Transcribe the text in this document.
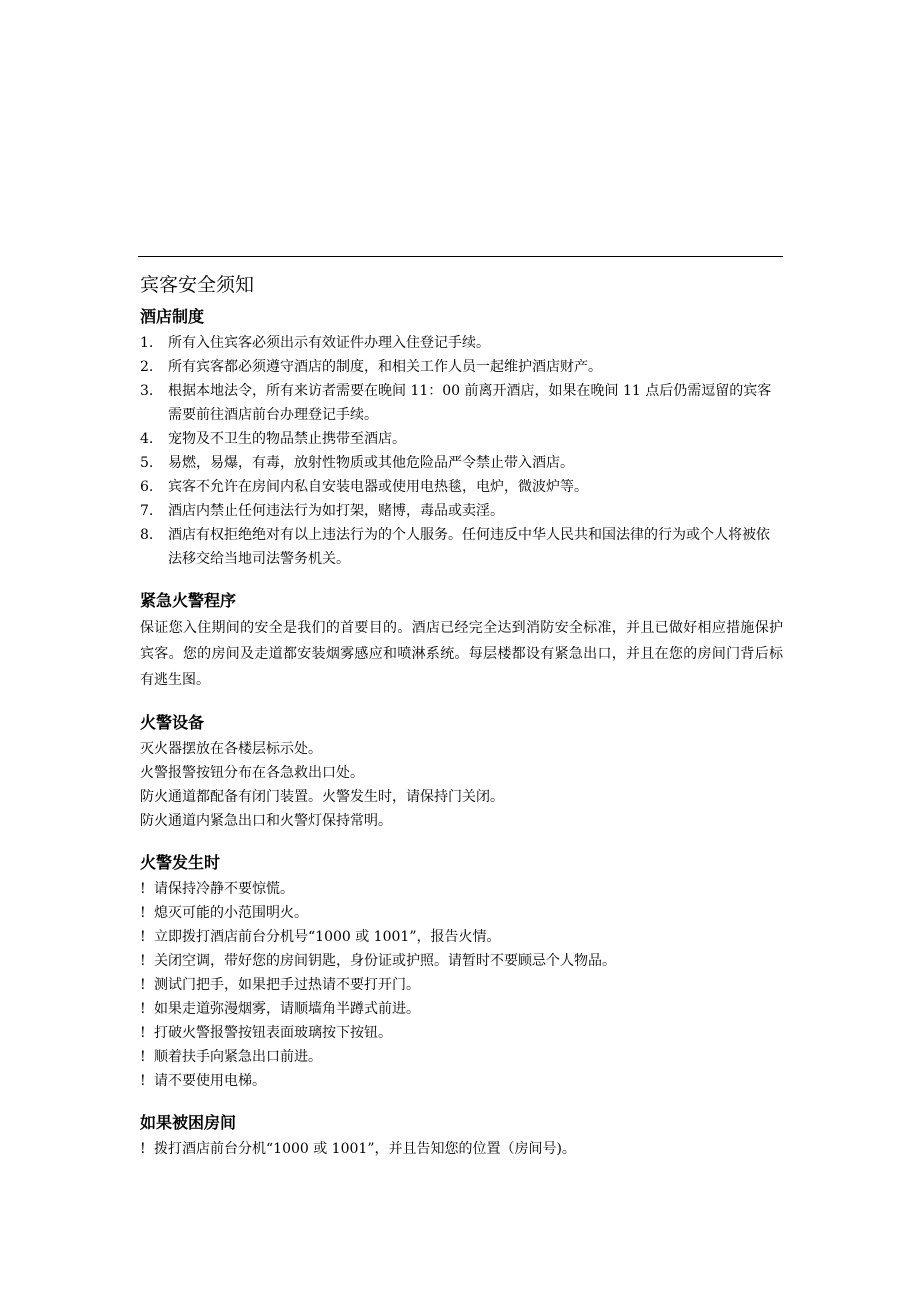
宾客安全须知
酒店制度
1. 所有入住宾客必须出示有效证件办理入住登记手续。
2. 所有宾客都必须遵守酒店的制度，和相关工作人员一起维护酒店财产。
3. 根据本地法令，所有来访者需要在晚间 11：00 前离开酒店，如果在晚间 11 点后仍需逗留的宾客需要前往酒店前台办理登记手续。
4. 宠物及不卫生的物品禁止携带至酒店。
5. 易燃，易爆，有毒，放射性物质或其他危险品严令禁止带入酒店。
6. 宾客不允许在房间内私自安装电器或使用电热毯，电炉，微波炉等。
7. 酒店内禁止任何违法行为如打架，赌博，毒品或卖淫。
8. 酒店有权拒绝绝对有以上违法行为的个人服务。任何违反中华人民共和国法律的行为或个人将被依法移交给当地司法警务机关。
紧急火警程序

保证您入住期间的安全是我们的首要目的。酒店已经完全达到消防安全标准，并且已做好相应措施保护宾客。您的房间及走道都安装烟雾感应和喷淋系统。每层楼都设有紧急出口，并且在您的房间门背后标有逃生图。

火警设备
灭火器摆放在各楼层标示处。
火警报警按钮分布在各急救出口处。
防火通道都配备有闭门装置。火警发生时，请保持门关闭。
防火通道内紧急出口和火警灯保持常明。
火警发生时
! 请保持冷静不要惊慌。
! 熄灭可能的小范围明火。
! 立即拨打酒店前台分机号“1000 或 1001”，报告火情。
! 关闭空调，带好您的房间钥匙，身份证或护照。请暂时不要顾忌个人物品。
! 测试门把手，如果把手过热请不要打开门。
! 如果走道弥漫烟雾，请顺墙角半蹲式前进。
! 打破火警报警按钮表面玻璃按下按钮。
! 顺着扶手向紧急出口前进。
! 请不要使用电梯。
如果被困房间
! 拨打酒店前台分机“1000 或 1001”，并且告知您的位置（房间号)。
